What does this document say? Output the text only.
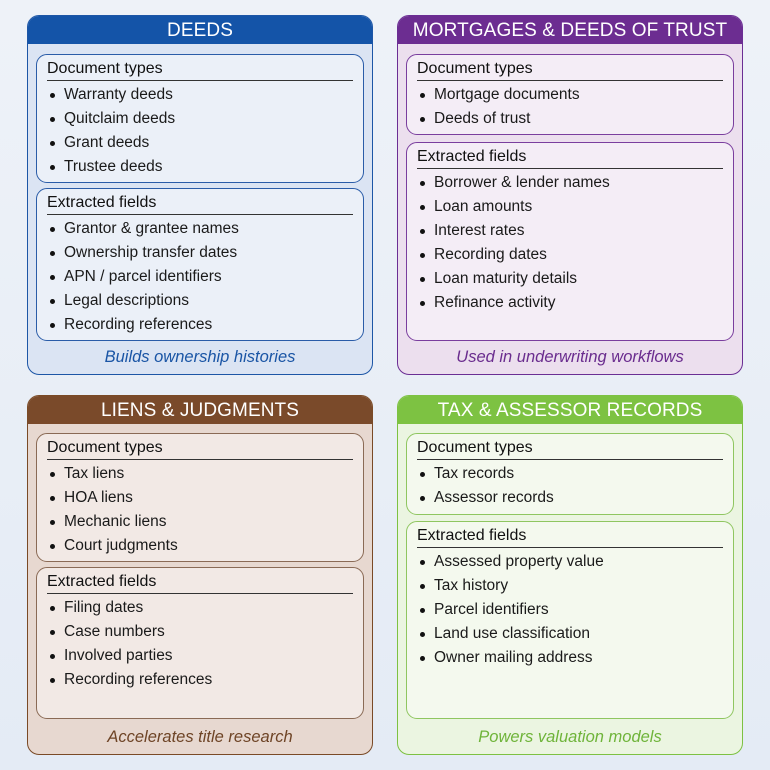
DEEDS
Document types
Warranty deeds
Quitclaim deeds
Grant deeds
Trustee deeds
Extracted fields
Grantor & grantee names
Ownership transfer dates
APN / parcel identifiers
Legal descriptions
Recording references
Builds ownership histories
MORTGAGES & DEEDS OF TRUST
Document types
Mortgage documents
Deeds of trust
Extracted fields
Borrower & lender names
Loan amounts
Interest rates
Recording dates
Loan maturity details
Refinance activity
Used in underwriting workflows
LIENS & JUDGMENTS
Document types
Tax liens
HOA liens
Mechanic liens
Court judgments
Extracted fields
Filing dates
Case numbers
Involved parties
Recording references
Accelerates title research
TAX & ASSESSOR RECORDS
Document types
Tax records
Assessor records
Extracted fields
Assessed property value
Tax history
Parcel identifiers
Land use classification
Owner mailing address
Powers valuation models
